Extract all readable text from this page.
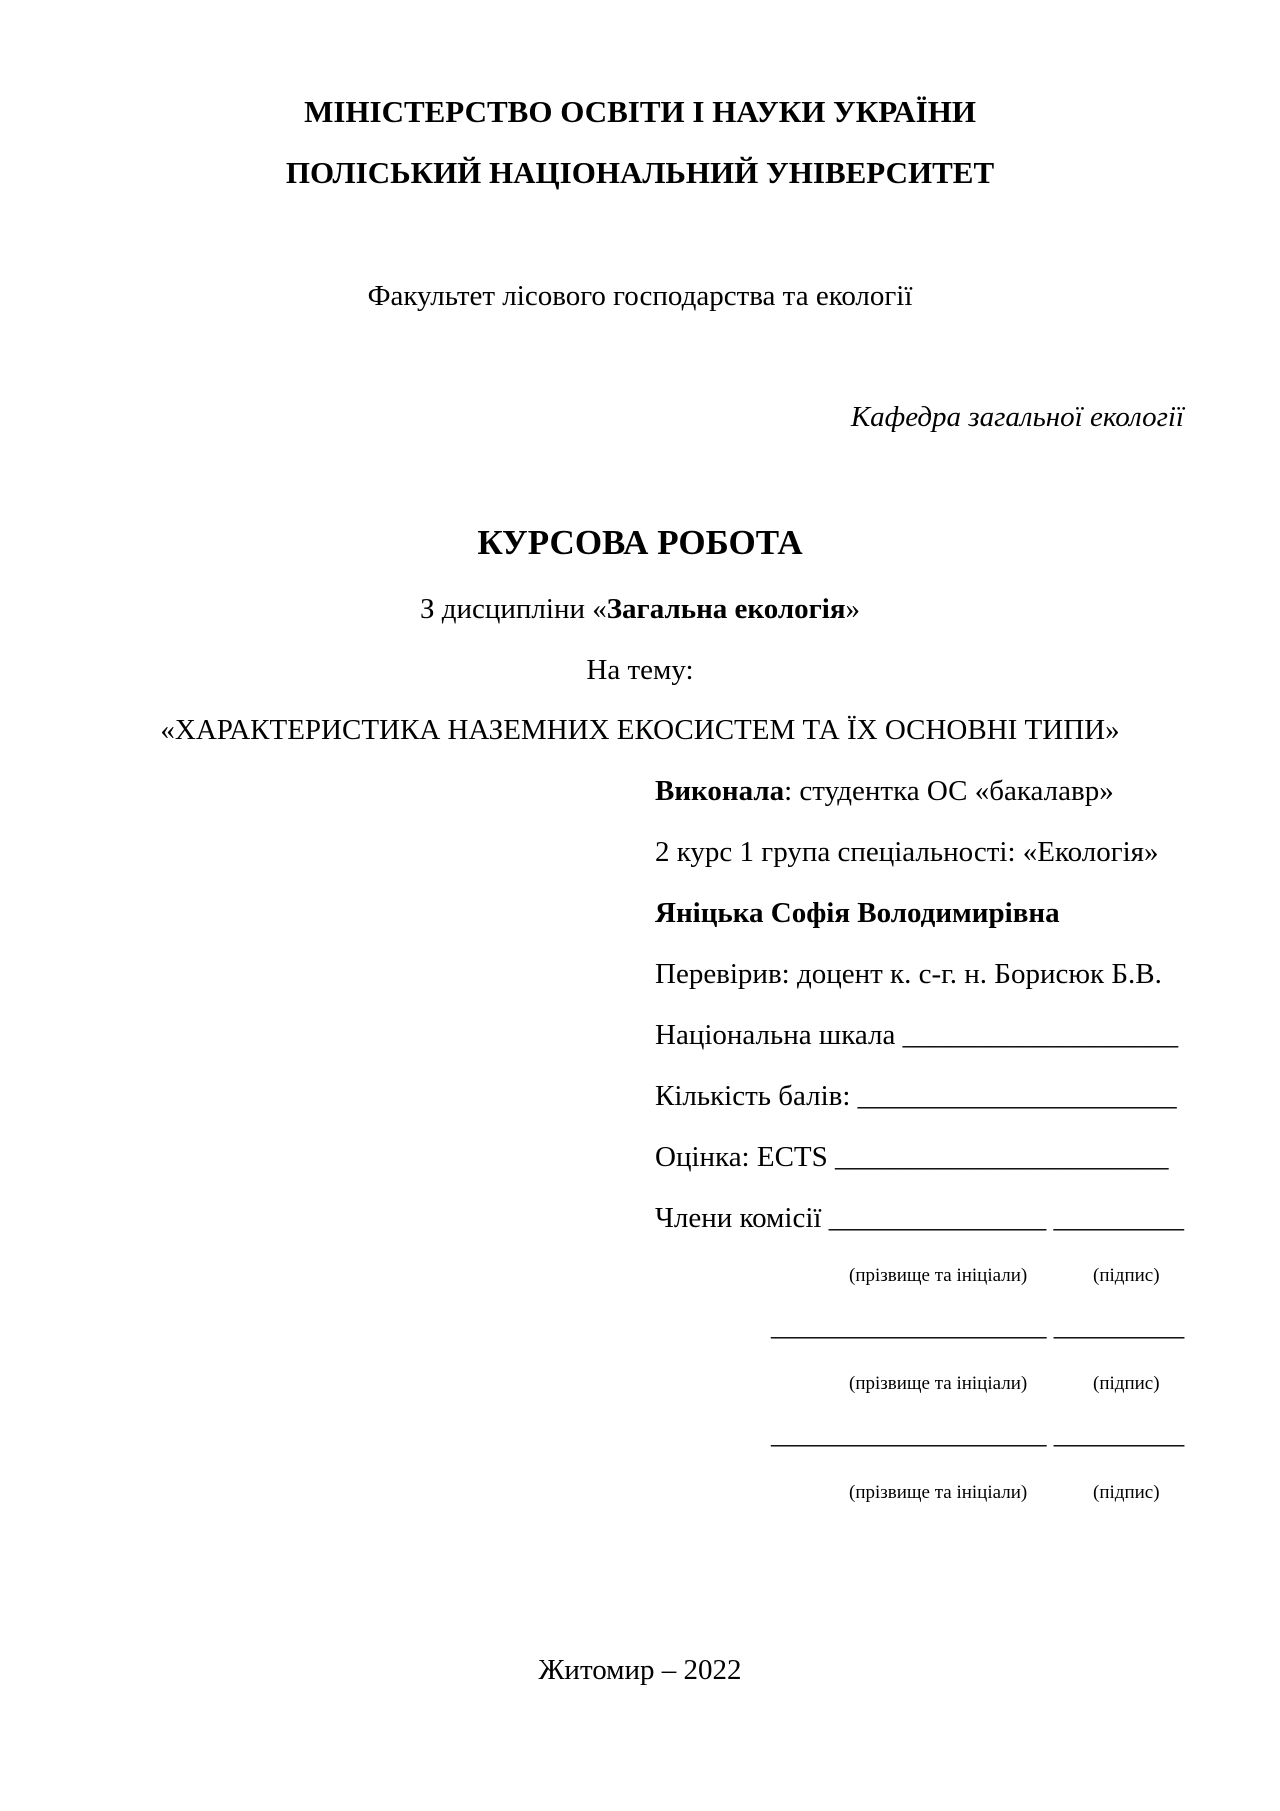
МІНІСТЕРСТВО ОСВІТИ І НАУКИ УКРАЇНИ
ПОЛІСЬКИЙ НАЦІОНАЛЬНИЙ УНІВЕРСИТЕТ
Факультет лісового господарства та екології
Кафедра загальної екології
КУРСОВА РОБОТА
З дисципліни «Загальна екологія»
На тему:
«ХАРАКТЕРИСТИКА НАЗЕМНИХ ЕКОСИСТЕМ ТА ЇХ ОСНОВНІ ТИПИ»
Виконала: студентка ОС «бакалавр»
2 курс 1 група спеціальності: «Екологія»
Яніцька Софія Володимирівна
Перевірив: доцент к. с-г. н. Борисюк Б.В.
Національна шкала ___________________
Кількість балів: ______________________
Оцінка: ECTS _______________________
Члени комісії _______________ _________
(прізвище та ініціали)	(підпис)
___________________ _________
(прізвище та ініціали)	(підпис)
___________________ _________
(прізвище та ініціали)	(підпис)
Житомир – 2022
